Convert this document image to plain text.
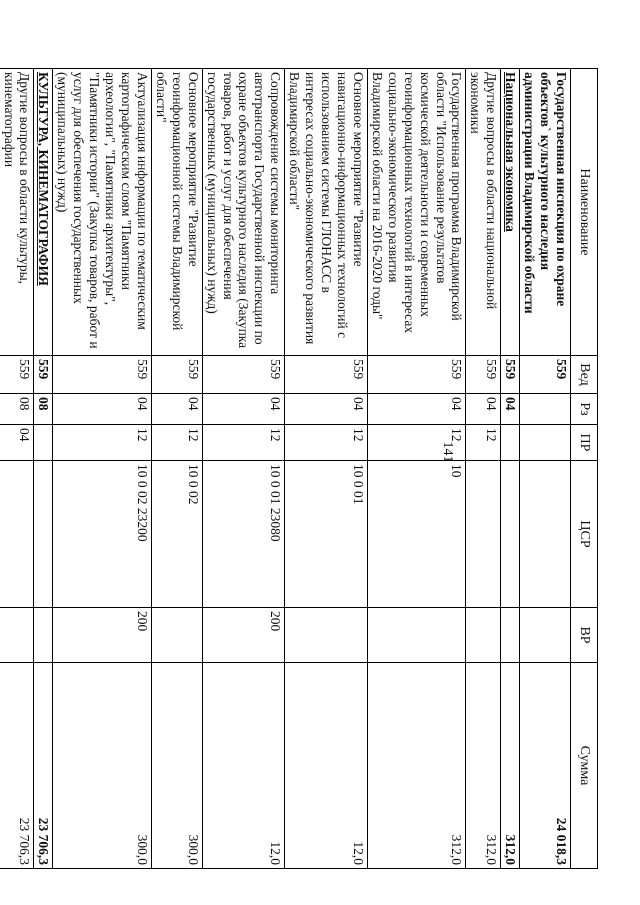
141
Наименование	Вед	Рз	ПР	ЦСР	ВР	Сумма
Государственная инспекция по охране объектов` культурного наследия администрации Владимирской области	559					24 018,3
Национальная экономика	559	04				312,0
Другие вопросы в области национальной экономики	559	04	12			312,0
Государственная программа Владимирской области "Использование результатов космической деятельности и современных геоинформационных технологий в интересах социально-экономического развития Владимирской области на 2016-2020 годы"	559	04	12	10		312,0
Основное мероприятие "Развитие навигационно-информационных технологий с использованием системы ГЛОНАСС в интересах социально-экономического развития Владимирской области"	559	04	12	10 0 01		12,0
Сопровождение системы мониторинга автотранспорта Государственной инспекции по охране объектов культурного наследия (Закупка товаров, работ и услуг для обеспечения государственных (муниципальных) нужд)	559	04	12	10 0 01 23080	200	12,0
Основное мероприятие "Развитие геоинформационной системы Владимирской области"	559	04	12	10 0 02		300,0
Актуализация информации по тематическим картографическим слоям "Памятники археологии", "Памятники архитектуры", "Памятники истории" (Закупка товаров, работ и услуг для обеспечения государственных (муниципальных) нужд)	559	04	12	10 0 02 23200	200	300,0
КУЛЬТУРА, КИНЕМАТОГРАФИЯ	559	08				23 706,3
Другие вопросы в области культуры, кинематографии	559	08	04			23 706,3
